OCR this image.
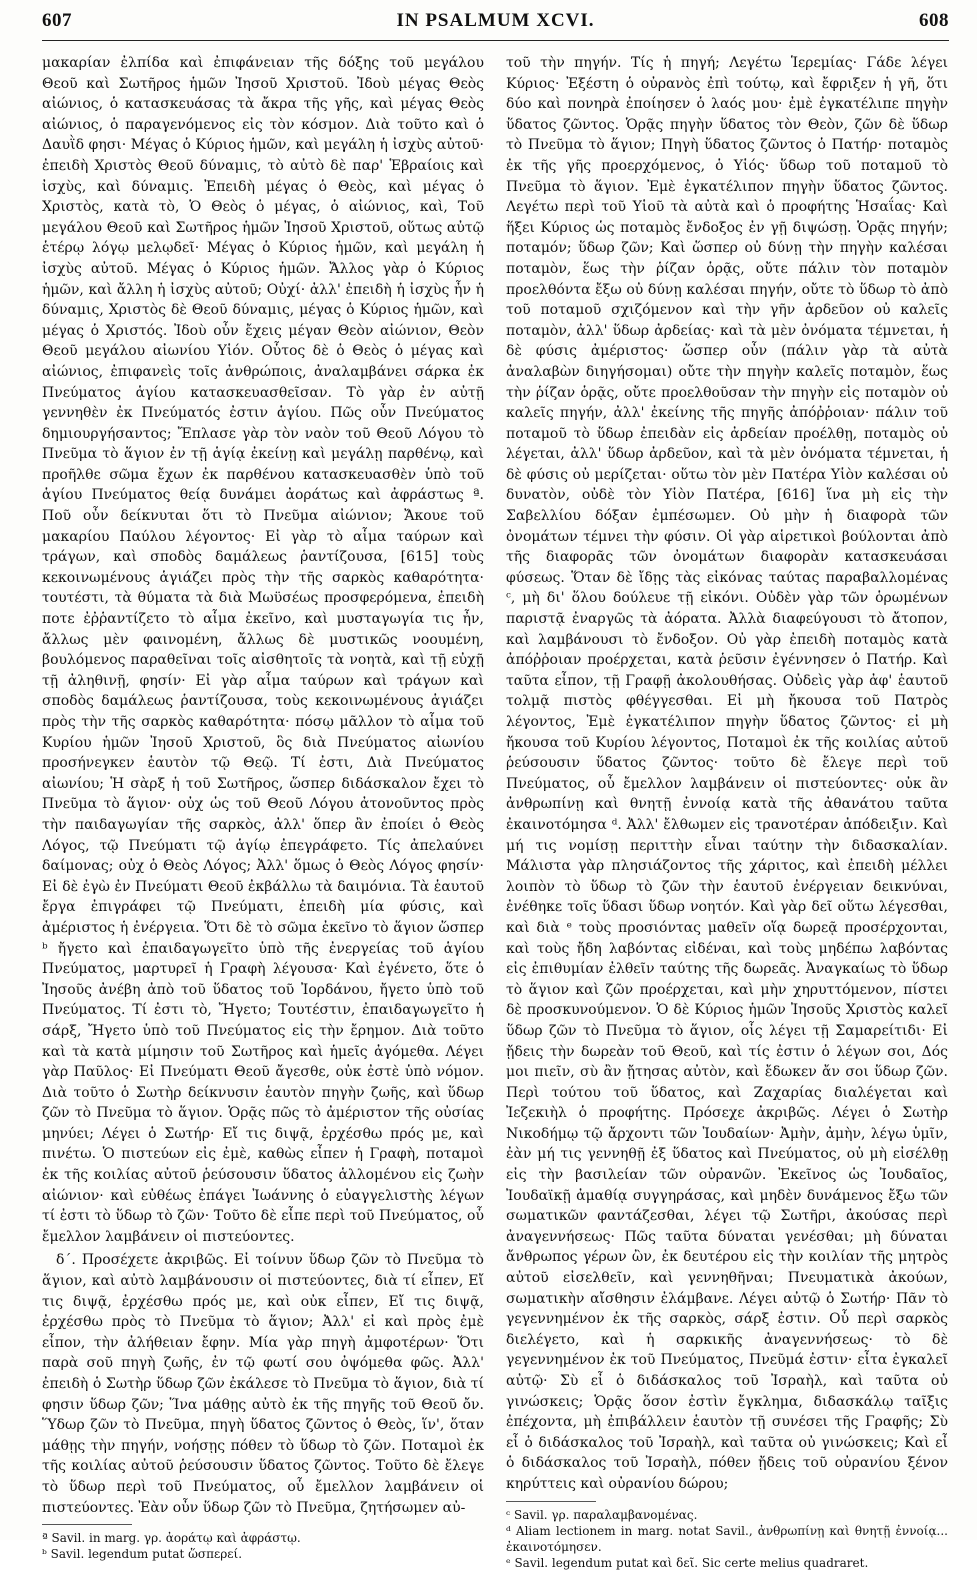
607	IN PSALMUM XCVI.	608

μακαρίαν ἐλπίδα καὶ ἐπιφάνειαν τῆς δόξης τοῦ μεγάλου Θεοῦ καὶ Σωτῆρος ἡμῶν Ἰησοῦ Χριστοῦ. Ἰδοὺ μέγας Θεὸς αἰώνιος, ὁ κατασκευάσας τὰ ἄκρα τῆς γῆς, καὶ μέγας Θεὸς αἰώνιος, ὁ παραγενόμενος εἰς τὸν κόσμον. Διὰ τοῦτο καὶ ὁ Δαυῒδ φησι· Μέγας ὁ Κύριος ἡμῶν, καὶ μεγάλη ἡ ἰσχὺς αὐτοῦ· ἐπειδὴ Χριστὸς Θεοῦ δύναμις, τὸ αὐτὸ δὲ παρ' Ἑβραίοις καὶ ἰσχὺς, καὶ δύναμις. Ἐπειδὴ μέγας ὁ Θεὸς, καὶ μέγας ὁ Χριστὸς, κατὰ τὸ, Ὁ Θεὸς ὁ μέγας, ὁ αἰώνιος, καὶ, Τοῦ μεγάλου Θεοῦ καὶ Σωτῆρος ἡμῶν Ἰησοῦ Χριστοῦ, οὕτως αὐτῷ ἑτέρῳ λόγῳ μελῳδεῖ· Μέγας ὁ Κύριος ἡμῶν, καὶ μεγάλη ἡ ἰσχὺς αὐτοῦ. Μέγας ὁ Κύριος ἡμῶν. Ἄλλος γὰρ ὁ Κύριος ἡμῶν, καὶ ἄλλη ἡ ἰσχὺς αὐτοῦ; Οὐχί· ἀλλ' ἐπειδὴ ἡ ἰσχὺς ἦν ἡ δύναμις, Χριστὸς δὲ Θεοῦ δύναμις, μέγας ὁ Κύριος ἡμῶν, καὶ μέγας ὁ Χριστός. Ἰδοὺ οὖν ἔχεις μέγαν Θεὸν αἰώνιον, Θεὸν Θεοῦ μεγάλου αἰωνίου Υἱόν. Οὗτος δὲ ὁ Θεὸς ὁ μέγας καὶ αἰώνιος, ἐπιφανεὶς τοῖς ἀνθρώποις, ἀναλαμβάνει σάρκα ἐκ Πνεύματος ἁγίου κατασκευασθεῖσαν. Τὸ γὰρ ἐν αὐτῇ γεννηθὲν ἐκ Πνεύματός ἐστιν ἁγίου. Πῶς οὖν Πνεύματος δημιουργήσαντος; Ἔπλασε γὰρ τὸν ναὸν τοῦ Θεοῦ Λόγου τὸ Πνεῦμα τὸ ἅγιον ἐν τῇ ἁγίᾳ ἐκείνῃ καὶ μεγάλῃ παρθένῳ, καὶ προῆλθε σῶμα ἔχων ἐκ παρθένου κατασκευασθὲν ὑπὸ τοῦ ἁγίου Πνεύματος θείᾳ δυνάμει ἀοράτως καὶ ἀφράστως ª. Ποῦ οὖν δείκνυται ὅτι τὸ Πνεῦμα αἰώνιον; Ἄκουε τοῦ μακαρίου Παύλου λέγοντος· Εἰ γὰρ τὸ αἷμα ταύρων καὶ τράγων, καὶ σποδὸς δαμάλεως ῥαντίζουσα, [615] τοὺς κεκοινωμένους ἁγιάζει πρὸς τὴν τῆς σαρκὸς καθαρότητα· τουτέστι, τὰ θύματα τὰ διὰ Μωϋσέως προσφερόμενα, ἐπειδὴ ποτε ἐῤῥαντίζετο τὸ αἷμα ἐκεῖνο, καὶ μυσταγωγία τις ἦν, ἄλλως μὲν φαινομένη, ἄλλως δὲ μυστικῶς νοουμένη, βουλόμενος παραθεῖναι τοῖς αἰσθητοῖς τὰ νοητὰ, καὶ τῇ εὐχῇ τῇ ἀληθινῇ, φησίν· Εἰ γὰρ αἷμα ταύρων καὶ τράγων καὶ σποδὸς δαμάλεως ῥαντίζουσα, τοὺς κεκοινωμένους ἁγιάζει πρὸς τὴν τῆς σαρκὸς καθαρότητα· πόσῳ μᾶλλον τὸ αἷμα τοῦ Κυρίου ἡμῶν Ἰησοῦ Χριστοῦ, ὃς διὰ Πνεύματος αἰωνίου προσήνεγκεν ἑαυτὸν τῷ Θεῷ. Τί ἐστι, Διὰ Πνεύματος αἰωνίου; Ἡ σὰρξ ἡ τοῦ Σωτῆρος, ὥσπερ διδάσκαλον ἔχει τὸ Πνεῦμα τὸ ἅγιον· οὐχ ὡς τοῦ Θεοῦ Λόγου ἀτονοῦντος πρὸς τὴν παιδαγωγίαν τῆς σαρκὸς, ἀλλ' ὅπερ ἂν ἐποίει ὁ Θεὸς Λόγος, τῷ Πνεύματι τῷ ἁγίῳ ἐπεγράφετο. Τίς ἀπελαύνει δαίμονας; οὐχ ὁ Θεὸς Λόγος; Ἀλλ' ὅμως ὁ Θεὸς Λόγος φησίν· Εἰ δὲ ἐγὼ ἐν Πνεύματι Θεοῦ ἐκβάλλω τὰ δαιμόνια. Τὰ ἑαυτοῦ ἔργα ἐπιγράφει τῷ Πνεύματι, ἐπειδὴ μία φύσις, καὶ ἀμέριστος ἡ ἐνέργεια. Ὅτι δὲ τὸ σῶμα ἐκεῖνο τὸ ἅγιον ὥσπερ ᵇ ἤγετο καὶ ἐπαιδαγωγεῖτο ὑπὸ τῆς ἐνεργείας τοῦ ἁγίου Πνεύματος, μαρτυρεῖ ἡ Γραφὴ λέγουσα· Καὶ ἐγένετο, ὅτε ὁ Ἰησοῦς ἀνέβη ἀπὸ τοῦ ὕδατος τοῦ Ἰορδάνου, ἤγετο ὑπὸ τοῦ Πνεύματος. Τί ἐστι τὸ, Ἤγετο; Τουτέστιν, ἐπαιδαγωγεῖτο ἡ σάρξ, Ἤγετο ὑπὸ τοῦ Πνεύματος εἰς τὴν ἔρημον. Διὰ τοῦτο καὶ τὰ κατὰ μίμησιν τοῦ Σωτῆρος καὶ ἡμεῖς ἀγόμεθα. Λέγει γὰρ Παῦλος· Εἰ Πνεύματι Θεοῦ ἄγεσθε, οὐκ ἐστὲ ὑπὸ νόμον. Διὰ τοῦτο ὁ Σωτὴρ δείκνυσιν ἑαυτὸν πηγὴν ζωῆς, καὶ ὕδωρ ζῶν τὸ Πνεῦμα τὸ ἅγιον. Ὁρᾷς πῶς τὸ ἀμέριστον τῆς οὐσίας μηνύει; Λέγει ὁ Σωτήρ· Εἴ τις διψᾷ, ἐρχέσθω πρός με, καὶ πινέτω. Ὁ πιστεύων εἰς ἐμὲ, καθὼς εἶπεν ἡ Γραφὴ, ποταμοὶ ἐκ τῆς κοιλίας αὐτοῦ ῥεύσουσιν ὕδατος ἁλλομένου εἰς ζωὴν αἰώνιον· καὶ εὐθέως ἐπάγει Ἰωάννης ὁ εὐαγγελιστὴς λέγων τί ἐστι τὸ ὕδωρ τὸ ζῶν· Τοῦτο δὲ εἶπε περὶ τοῦ Πνεύματος, οὗ ἔμελλον λαμβάνειν οἱ πιστεύοντες.

δ΄. Προσέχετε ἀκριβῶς. Εἰ τοίνυν ὕδωρ ζῶν τὸ Πνεῦμα τὸ ἅγιον, καὶ αὐτὸ λαμβάνουσιν οἱ πιστεύοντες, διὰ τί εἶπεν, Εἴ τις διψᾷ, ἐρχέσθω πρός με, καὶ οὐκ εἶπεν, Εἴ τις διψᾷ, ἐρχέσθω πρὸς τὸ Πνεῦμα τὸ ἅγιον; Ἀλλ' εἰ καὶ πρὸς ἐμὲ εἶπον, τὴν ἀλήθειαν ἔφην. Μία γὰρ πηγὴ ἀμφοτέρων· Ὅτι παρὰ σοῦ πηγὴ ζωῆς, ἐν τῷ φωτί σου ὀψόμεθα φῶς. Ἀλλ' ἐπειδὴ ὁ Σωτὴρ ὕδωρ ζῶν ἐκάλεσε τὸ Πνεῦμα τὸ ἅγιον, διὰ τί φησιν ὕδωρ ζῶν; Ἵνα μάθῃς αὐτὸ ἐκ τῆς πηγῆς τοῦ Θεοῦ ὄν. Ὕδωρ ζῶν τὸ Πνεῦμα, πηγὴ ὕδατος ζῶντος ὁ Θεὸς, ἵν', ὅταν μάθῃς τὴν πηγήν, νοήσῃς πόθεν τὸ ὕδωρ τὸ ζῶν. Ποταμοὶ ἐκ τῆς κοιλίας αὐτοῦ ῥεύσουσιν ὕδατος ζῶντος. Τοῦτο δὲ ἔλεγε τὸ ὕδωρ περὶ τοῦ Πνεύματος, οὗ ἔμελλον λαμβάνειν οἱ πιστεύοντες. Ἐὰν οὖν ὕδωρ ζῶν τὸ Πνεῦμα, ζητήσωμεν αὐ-

ª Savil. in marg. γρ. ἀοράτῳ καὶ ἀφράστῳ.

ᵇ Savil. legendum putat ὥσπερεί.

τοῦ τὴν πηγήν. Τίς ἡ πηγή; Λεγέτω Ἱερεμίας· Γάδε λέγει Κύριος· Ἐξέστη ὁ οὐρανὸς ἐπὶ τούτῳ, καὶ ἔφριξεν ἡ γῆ, ὅτι δύο καὶ πονηρὰ ἐποίησεν ὁ λαός μου· ἐμὲ ἐγκατέλιπε πηγὴν ὕδατος ζῶντος. Ὁρᾷς πηγὴν ὕδατος τὸν Θεὸν, ζῶν δὲ ὕδωρ τὸ Πνεῦμα τὸ ἅγιον; Πηγὴ ὕδατος ζῶντος ὁ Πατήρ· ποταμὸς ἐκ τῆς γῆς προερχόμενος, ὁ Υἱός· ὕδωρ τοῦ ποταμοῦ τὸ Πνεῦμα τὸ ἅγιον. Ἐμὲ ἐγκατέλιπον πηγὴν ὕδατος ζῶντος. Λεγέτω περὶ τοῦ Υἱοῦ τὰ αὐτὰ καὶ ὁ προφήτης Ἡσαΐας· Καὶ ἥξει Κύριος ὡς ποταμὸς ἔνδοξος ἐν γῇ διψώσῃ. Ὁρᾷς πηγήν; ποταμόν; ὕδωρ ζῶν; Καὶ ὥσπερ οὐ δύνῃ τὴν πηγὴν καλέσαι ποταμὸν, ἕως τὴν ῥίζαν ὁρᾷς, οὔτε πάλιν τὸν ποταμὸν προελθόντα ἔξω οὐ δύνῃ καλέσαι πηγήν, οὔτε τὸ ὕδωρ τὸ ἀπὸ τοῦ ποταμοῦ σχιζόμενον καὶ τὴν γῆν ἀρδεῦον οὐ καλεῖς ποταμὸν, ἀλλ' ὕδωρ ἀρδείας· καὶ τὰ μὲν ὀνόματα τέμνεται, ἡ δὲ φύσις ἀμέριστος· ὥσπερ οὖν (πάλιν γὰρ τὰ αὐτὰ ἀναλαβὼν διηγήσομαι) οὔτε τὴν πηγὴν καλεῖς ποταμὸν, ἕως τὴν ῥίζαν ὁρᾷς, οὔτε προελθοῦσαν τὴν πηγὴν εἰς ποταμὸν οὐ καλεῖς πηγήν, ἀλλ' ἐκείνης τῆς πηγῆς ἀπόῤῥοιαν· πάλιν τοῦ ποταμοῦ τὸ ὕδωρ ἐπειδὰν εἰς ἀρδείαν προέλθῃ, ποταμὸς οὐ λέγεται, ἀλλ' ὕδωρ ἀρδεῦον, καὶ τὰ μὲν ὀνόματα τέμνεται, ἡ δὲ φύσις οὐ μερίζεται· οὕτω τὸν μὲν Πατέρα Υἱὸν καλέσαι οὐ δυνατὸν, οὐδὲ τὸν Υἱὸν Πατέρα, [616] ἵνα μὴ εἰς τὴν Σαβελλίου δόξαν ἐμπέσωμεν. Οὐ μὴν ἡ διαφορὰ τῶν ὀνομάτων τέμνει τὴν φύσιν. Οἱ γὰρ αἱρετικοὶ βούλονται ἀπὸ τῆς διαφορᾶς τῶν ὀνομάτων διαφορὰν κατασκευάσαι φύσεως. Ὅταν δὲ ἴδῃς τὰς εἰκόνας ταύτας παραβαλλομένας ᶜ, μὴ δι' ὅλου δούλευε τῇ εἰκόνι. Οὐδὲν γὰρ τῶν ὁρωμένων παριστᾷ ἐναργῶς τὰ ἀόρατα. Ἀλλὰ διαφεύγουσι τὸ ἄτοπον, καὶ λαμβάνουσι τὸ ἔνδοξον. Οὐ γὰρ ἐπειδὴ ποταμὸς κατὰ ἀπόῤῥοιαν προέρχεται, κατὰ ῥεῦσιν ἐγέννησεν ὁ Πατήρ. Καὶ ταῦτα εἶπον, τῇ Γραφῇ ἀκολουθήσας. Οὐδεὶς γὰρ ἀφ' ἑαυτοῦ τολμᾷ πιστὸς φθέγγεσθαι. Εἰ μὴ ἤκουσα τοῦ Πατρὸς λέγοντος, Ἐμὲ ἐγκατέλιπον πηγὴν ὕδατος ζῶντος· εἰ μὴ ἤκουσα τοῦ Κυρίου λέγοντος, Ποταμοὶ ἐκ τῆς κοιλίας αὐτοῦ ῥεύσουσιν ὕδατος ζῶντος· τοῦτο δὲ ἔλεγε περὶ τοῦ Πνεύματος, οὗ ἔμελλον λαμβάνειν οἱ πιστεύοντες· οὐκ ἂν ἀνθρωπίνῃ καὶ θνητῇ ἐννοίᾳ κατὰ τῆς ἀθανάτου ταῦτα ἐκαινοτόμησα ᵈ. Ἀλλ' ἔλθωμεν εἰς τρανοτέραν ἀπόδειξιν. Καὶ μή τις νομίσῃ περιττὴν εἶναι ταύτην τὴν διδασκαλίαν. Μάλιστα γὰρ πλησιάζοντος τῆς χάριτος, καὶ ἐπειδὴ μέλλει λοιπὸν τὸ ὕδωρ τὸ ζῶν τὴν ἑαυτοῦ ἐνέργειαν δεικνύναι, ἐνέθηκε τοῖς ὕδασι ὕδωρ νοητόν. Καὶ γὰρ δεῖ οὕτω λέγεσθαι, καὶ διὰ ᵉ τοὺς προσιόντας μαθεῖν οἵᾳ δωρεᾷ προσέρχονται, καὶ τοὺς ἤδη λαβόντας εἰδέναι, καὶ τοὺς μηδέπω λαβόντας εἰς ἐπιθυμίαν ἐλθεῖν ταύτης τῆς δωρεᾶς. Ἀναγκαίως τὸ ὕδωρ τὸ ἅγιον καὶ ζῶν προέρχεται, καὶ μὴν χηρυττόμενον, πίστει δὲ προσκυνούμενον. Ὁ δὲ Κύριος ἡμῶν Ἰησοῦς Χριστὸς καλεῖ ὕδωρ ζῶν τὸ Πνεῦμα τὸ ἅγιον, οἷς λέγει τῇ Σαμαρείτιδι· Εἰ ᾔδεις τὴν δωρεὰν τοῦ Θεοῦ, καὶ τίς ἐστιν ὁ λέγων σοι, Δός μοι πιεῖν, σὺ ἂν ᾔτησας αὐτὸν, καὶ ἔδωκεν ἄν σοι ὕδωρ ζῶν. Περὶ τούτου τοῦ ὕδατος, καὶ Ζαχαρίας διαλέγεται καὶ Ἰεζεκιὴλ ὁ προφήτης. Πρόσεχε ἀκριβῶς. Λέγει ὁ Σωτὴρ Νικοδήμῳ τῷ ἄρχοντι τῶν Ἰουδαίων· Ἀμὴν, ἀμὴν, λέγω ὑμῖν, ἐὰν μή τις γεννηθῇ ἐξ ὕδατος καὶ Πνεύματος, οὐ μὴ εἰσέλθῃ εἰς τὴν βασιλείαν τῶν οὐρανῶν. Ἐκεῖνος ὡς Ἰουδαῖος, Ἰουδαϊκῇ ἀμαθίᾳ συγγηράσας, καὶ μηδὲν δυνάμενος ἔξω τῶν σωματικῶν φαντάζεσθαι, λέγει τῷ Σωτῆρι, ἀκούσας περὶ ἀναγεννήσεως· Πῶς ταῦτα δύναται γενέσθαι; μὴ δύναται ἄνθρωπος γέρων ὢν, ἐκ δευτέρου εἰς τὴν κοιλίαν τῆς μητρὸς αὐτοῦ εἰσελθεῖν, καὶ γεννηθῆναι; Πνευματικὰ ἀκούων, σωματικὴν αἴσθησιν ἐλάμβανε. Λέγει αὐτῷ ὁ Σωτήρ· Πᾶν τὸ γεγεννημένον ἐκ τῆς σαρκὸς, σάρξ ἐστιν. Οὗ περὶ σαρκὸς διελέγετο, καὶ ἡ σαρκικῆς ἀναγεννήσεως· τὸ δὲ γεγεννημένον ἐκ τοῦ Πνεύματος, Πνεῦμά ἐστιν· εἶτα ἐγκαλεῖ αὐτῷ· Σὺ εἶ ὁ διδάσκαλος τοῦ Ἰσραὴλ, καὶ ταῦτα οὐ γινώσκεις; Ὁρᾷς ὅσον ἐστὶν ἔγκλημα, διδασκάλῳ ταῖξις ἐπέχοντα, μὴ ἐπιβάλλειν ἑαυτὸν τῇ συνέσει τῆς Γραφῆς; Σὺ εἶ ὁ διδάσκαλος τοῦ Ἰσραὴλ, καὶ ταῦτα οὐ γινώσκεις; Καὶ εἶ ὁ διδάσκαλος τοῦ Ἰσραὴλ, πόθεν ᾔδεις τοῦ οὐρανίου ξένον κηρύττεις καὶ οὐρανίου δώρου;

ᶜ Savil. γρ. παραλαμβανομένας.

ᵈ Aliam lectionem in marg. notat Savil., ἀνθρωπίνῃ καὶ θνητῇ ἐννοίᾳ... ἐκαινοτόμησεν.

ᵉ Savil. legendum putat καὶ δεῖ. Sic certe melius quadraret.
